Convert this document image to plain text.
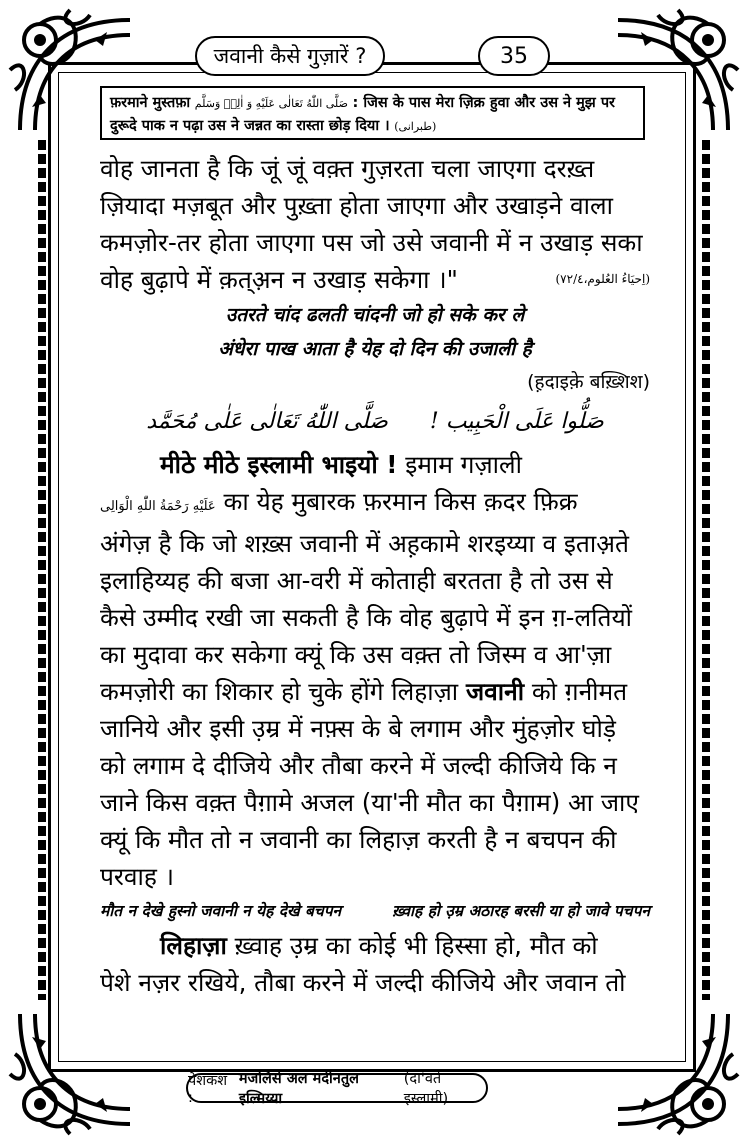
जवानी कैसे गुज़ारें ?	35
फ़रमाने मुस्तफ़ा صَلَّى اللّٰهُ تَعَالٰی عَلَیْهِ وَ اٰلِهٖ وَسَلَّم : जिस के पास मेरा ज़िक्र हुवा और उस ने मुझ पर
दुरूदे पाक न पढ़ा उस ने जन्नत का रास्ता छोड़ दिया । (طبرانی)
वोह जानता है कि जूं जूं वक़्त गुज़रता चला जाएगा दरख़्त
ज़ियादा मज़बूत और पुख़्ता होता जाएगा और उखाड़ने वाला
कमज़ोर-तर होता जाएगा पस जो उसे जवानी में न उखाड़ सका
वोह बुढ़ापे में क़त्अ़न न उखाड़ सकेगा ।"	(اِحیَاءُ العُلوم،۷۲/٤)

उतरते चांद ढलती चांदनी जो हो सके कर ले

अंधेरा पाख आता है येह दो दिन की उजाली है

(ह़दाइके़ बख़्शिश)

صَلَّی اللّٰهُ تَعَالٰی عَلٰی مُحَمَّد صَلُّوا عَلَی الْحَبِیب !

मीठे मीठे इस्लामी भाइयो ! इमाम गज़ाली
عَلَیْهِ رَحْمَةُ اللّٰهِ الْوَالِی का येह मुबारक फ़रमान किस क़दर फ़िक्र
अंगेज़ है कि जो शख़्स जवानी में अह़कामे शरइय्या व इताअ़ते
इलाहिय्यह की बजा आ-वरी में कोताही बरतता है तो उस से
कैसे उम्मीद रखी जा सकती है कि वोह बुढ़ापे में इन ग़-लतियों
का मुदावा कर सकेगा क्यूं कि उस वक़्त तो जिस्म व आ'ज़ा
कमज़ोरी का शिकार हो चुके होंगे लिहाज़ा जवानी को ग़नीमत
जानिये और इसी उ़म्र में नफ़्स के बे लगाम और मुंहज़ोर घोड़े
को लगाम दे दीजिये और तौबा करने में जल्दी कीजिये कि न
जाने किस वक़्त पैग़ामे अजल (या'नी मौत का पैग़ाम) आ जाए
क्यूं कि मौत तो न जवानी का लिहाज़ करती है न बचपन की
परवाह ।
मौत न देखे हुस्नो जवानी न येह देखे बचपन	ख़्वाह हो उ़म्र अठारह बरसी या हो जावे पचपन
लिहाज़ा ख़्वाह उ़म्र का कोई भी हिस्सा हो, मौत को
पेशे नज़र रखिये, तौबा करने में जल्दी कीजिये और जवान तो
पेशकश :

मजलिसे अल मदीनतुल इल्मिय्या

(दा'वते इस्लामी)
